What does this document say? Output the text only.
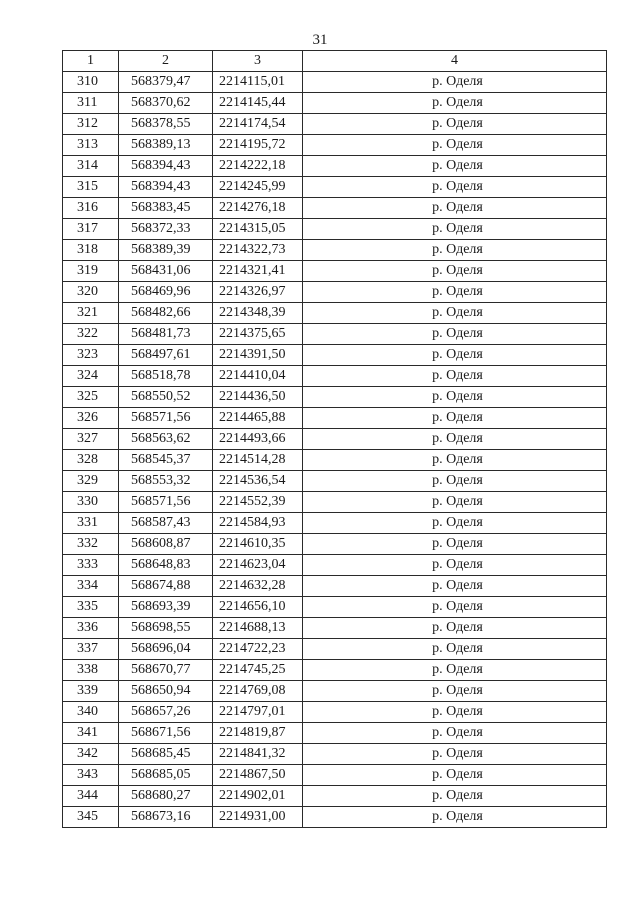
31
1	2	3	4
310	568379,47	2214115,01	р. Оделя
311	568370,62	2214145,44	р. Оделя
312	568378,55	2214174,54	р. Оделя
313	568389,13	2214195,72	р. Оделя
314	568394,43	2214222,18	р. Оделя
315	568394,43	2214245,99	р. Оделя
316	568383,45	2214276,18	р. Оделя
317	568372,33	2214315,05	р. Оделя
318	568389,39	2214322,73	р. Оделя
319	568431,06	2214321,41	р. Оделя
320	568469,96	2214326,97	р. Оделя
321	568482,66	2214348,39	р. Оделя
322	568481,73	2214375,65	р. Оделя
323	568497,61	2214391,50	р. Оделя
324	568518,78	2214410,04	р. Оделя
325	568550,52	2214436,50	р. Оделя
326	568571,56	2214465,88	р. Оделя
327	568563,62	2214493,66	р. Оделя
328	568545,37	2214514,28	р. Оделя
329	568553,32	2214536,54	р. Оделя
330	568571,56	2214552,39	р. Оделя
331	568587,43	2214584,93	р. Оделя
332	568608,87	2214610,35	р. Оделя
333	568648,83	2214623,04	р. Оделя
334	568674,88	2214632,28	р. Оделя
335	568693,39	2214656,10	р. Оделя
336	568698,55	2214688,13	р. Оделя
337	568696,04	2214722,23	р. Оделя
338	568670,77	2214745,25	р. Оделя
339	568650,94	2214769,08	р. Оделя
340	568657,26	2214797,01	р. Оделя
341	568671,56	2214819,87	р. Оделя
342	568685,45	2214841,32	р. Оделя
343	568685,05	2214867,50	р. Оделя
344	568680,27	2214902,01	р. Оделя
345	568673,16	2214931,00	р. Оделя
